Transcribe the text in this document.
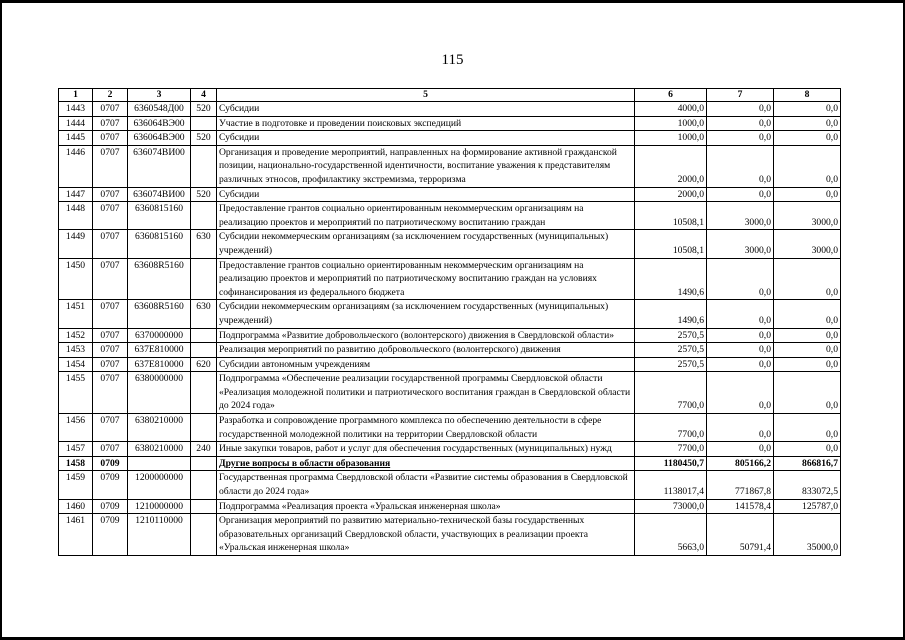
115
1	2	3	4	5	6	7	8
1443	0707	6360548Д00	520	Субсидии	4000,0	0,0	0,0
1444	0707	636064ВЭ00		Участие в подготовке и проведении поисковых экспедиций	1000,0	0,0	0,0
1445	0707	636064ВЭ00	520	Субсидии	1000,0	0,0	0,0
1446	0707	636074ВИ00		Организация и проведение мероприятий, направленных на формирование активной гражданской позиции, национально-государственной идентичности, воспитание уважения к представителям различных этносов, профилактику экстремизма, терроризма	2000,0	0,0	0,0
1447	0707	636074ВИ00	520	Субсидии	2000,0	0,0	0,0
1448	0707	6360815160		Предоставление грантов социально ориентированным некоммерческим организациям на реализацию проектов и мероприятий по патриотическому воспитанию граждан	10508,1	3000,0	3000,0
1449	0707	6360815160	630	Субсидии некоммерческим организациям (за исключением государственных (муниципальных) учреждений)	10508,1	3000,0	3000,0
1450	0707	63608R5160		Предоставление грантов социально ориентированным некоммерческим организациям на реализацию проектов и мероприятий по патриотическому воспитанию граждан на условиях софинансирования из федерального бюджета	1490,6	0,0	0,0
1451	0707	63608R5160	630	Субсидии некоммерческим организациям (за исключением государственных (муниципальных) учреждений)	1490,6	0,0	0,0
1452	0707	6370000000		Подпрограмма «Развитие добровольческого (волонтерского) движения в Свердловской области»	2570,5	0,0	0,0
1453	0707	637Е810000		Реализация мероприятий по развитию добровольческого (волонтерского) движения	2570,5	0,0	0,0
1454	0707	637Е810000	620	Субсидии автономным учреждениям	2570,5	0,0	0,0
1455	0707	6380000000		Подпрограмма «Обеспечение реализации государственной программы Свердловской области «Реализация молодежной политики и патриотического воспитания граждан в Свердловской области до 2024 года»	7700,0	0,0	0,0
1456	0707	6380210000		Разработка и сопровождение программного комплекса по обеспечению деятельности в сфере государственной молодежной политики на территории Свердловской области	7700,0	0,0	0,0
1457	0707	6380210000	240	Иные закупки товаров, работ и услуг для обеспечения государственных (муниципальных) нужд	7700,0	0,0	0,0
1458	0709			Другие вопросы в области образования	1180450,7	805166,2	866816,7
1459	0709	1200000000		Государственная программа Свердловской области «Развитие системы образования в Свердловской области до 2024 года»	1138017,4	771867,8	833072,5
1460	0709	1210000000		Подпрограмма «Реализация проекта «Уральская инженерная школа»	73000,0	141578,4	125787,0
1461	0709	1210110000		Организация мероприятий по развитию материально-технической базы государственных образовательных организаций Свердловской области, участвующих в реализации проекта «Уральская инженерная школа»	5663,0	50791,4	35000,0
